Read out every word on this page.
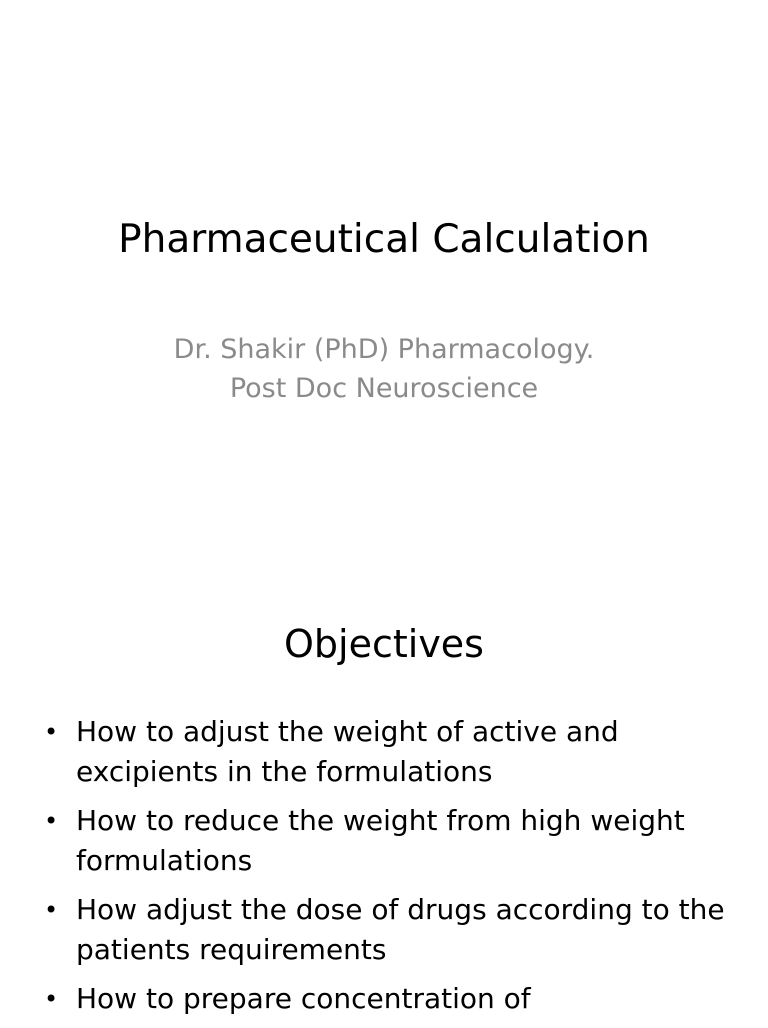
Pharmaceutical Calculation
Dr. Shakir (PhD) Pharmacology.
Post Doc Neuroscience
Objectives
• How to adjust the weight of active and excipients in the formulations
• How to reduce the weight from high weight formulations
• How adjust the dose of drugs according to the patients requirements
• How to prepare concentration of
